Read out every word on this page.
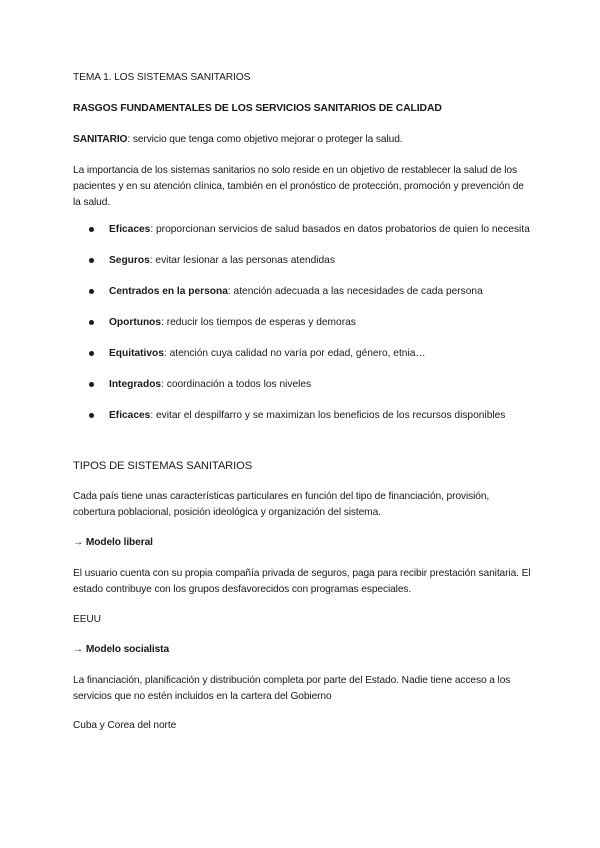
TEMA 1. LOS SISTEMAS SANITARIOS

RASGOS FUNDAMENTALES DE LOS SERVICIOS SANITARIOS DE CALIDAD

SANITARIO: servicio que tenga como objetivo mejorar o proteger la salud.

La importancia de los sistemas sanitarios no solo reside en un objetivo de restablecer la salud de los pacientes y en su atención clínica, también en el pronóstico de protección, promoción y prevención de la salud.

Eficaces: proporcionan servicios de salud basados en datos probatorios de quien lo necesita
Seguros: evitar lesionar a las personas atendidas
Centrados en la persona: atención adecuada a las necesidades de cada persona
Oportunos: reducir los tiempos de esperas y demoras
Equitativos: atención cuya calidad no varía por edad, género, etnia…
Integrados: coordinación a todos los niveles
Eficaces: evitar el despilfarro y se maximizan los beneficios de los recursos disponibles

TIPOS DE SISTEMAS SANITARIOS

Cada país tiene unas características particulares en función del tipo de financiación, provisión, cobertura poblacional, posición ideológica y organización del sistema.

→ Modelo liberal

El usuario cuenta con su propia compañía privada de seguros, paga para recibir prestación sanitaria. El estado contribuye con los grupos desfavorecidos con programas especiales.

EEUU

→ Modelo socialista

La financiación, planificación y distribución completa por parte del Estado. Nadie tiene acceso a los servicios que no estén incluidos en la cartera del Gobierno

Cuba y Corea del norte
